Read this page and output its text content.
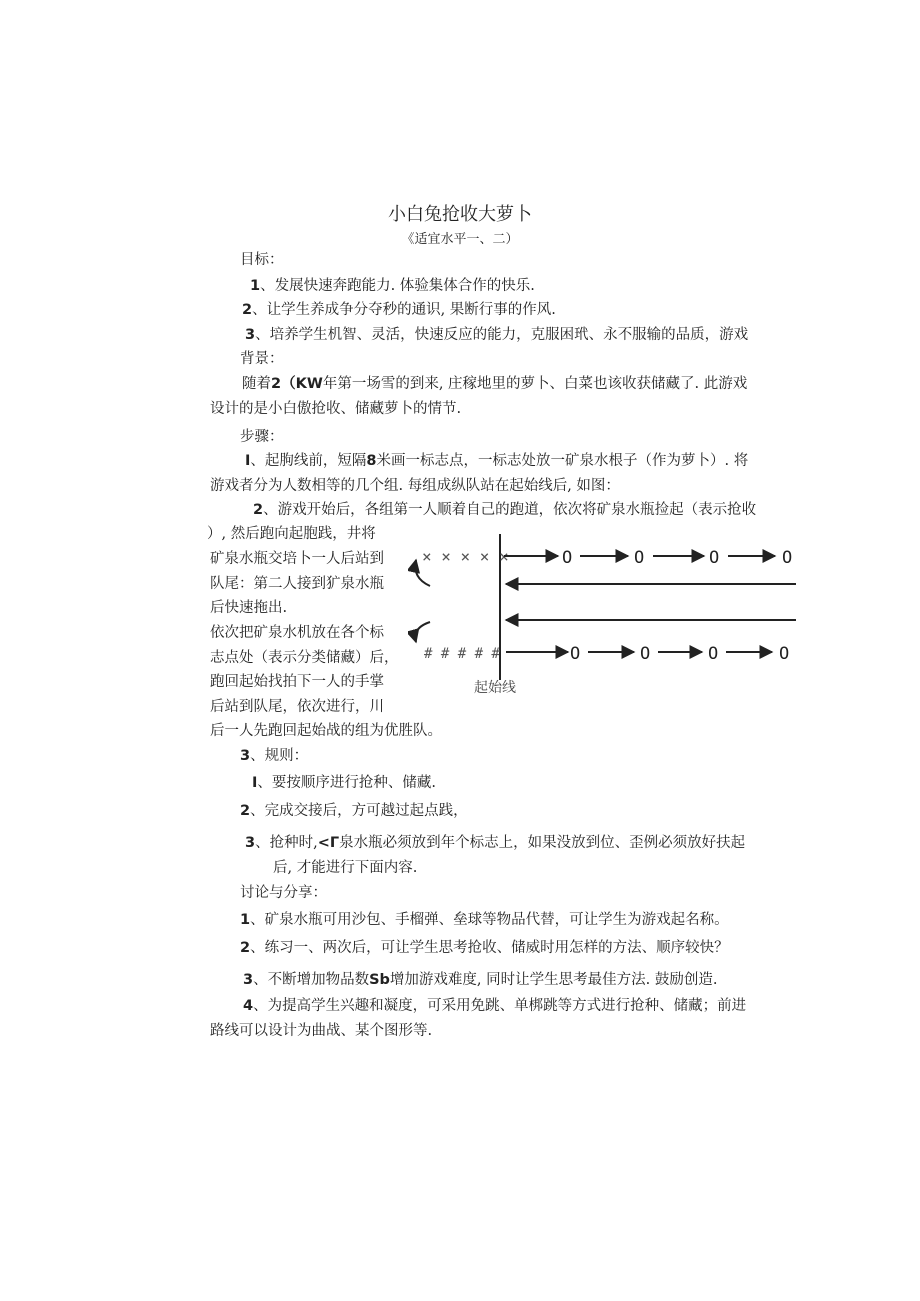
小白兔抢收大萝卜
《适宜水平一、二）
目标：
1、发展快速奔跑能力. 体验集体合作的快乐.
2、让学生养成争分夺秒的通识, 果断行事的作风.
3、培养学生机智、灵活，快速反应的能力，克服困玳、永不服输的品质，游戏
背景：
随着2（KW年第一场雪的到来, 庄稼地里的萝卜、白菜也该收获储藏了. 此游戏
设计的是小白傲抢收、储藏萝卜的情节.
步骤：
I、起朐线前，短隔8米画一标志点，一标志处放一矿泉水根子（作为萝卜）. 将
游戏者分为人数相等的几个组. 每组成纵队站在起始线后, 如图：
2、游戏开始后，各组第一人顺着自己的跑道，依次将矿泉水瓶捡起（表示抢收
）, 然后跑向起胞践，井将
矿泉水瓶交培卜一人后站到
队尾：第二人接到犷泉水瓶
后快速拖出.
依次把矿泉水机放在各个标
志点处（表示分类储藏）后，
跑回起始找拍下一人的手掌
后站到队尾，依次进行，川
后一人先跑回起始战的组为优胜队。
× × × × ×	O	O	O	O
# # # # #	O	O	O	O
起始线
3、规则：
I、要按顺序进行抢种、储藏.
2、完成交接后，方可越过起点践，
3、抢种时,<Г泉水瓶必须放到年个标志上，如果没放到位、歪例必须放好扶起
后, 才能进行下面内容.
讨论与分享：
1、矿泉水瓶可用沙包、手榴弹、垒球等物品代替，可让学生为游戏起名称。
2、练习一、两次后，可让学生思考抢收、储威时用怎样的方法、顺序较快？
3、不断增加物品数Sb增加游戏难度, 同时让学生思考最佳方法. 鼓励创造.
4、为提高学生兴趣和凝度，可采用免跳、单梆跳等方式进行抢种、储藏；前进
路线可以设计为曲战、某个图形等.
